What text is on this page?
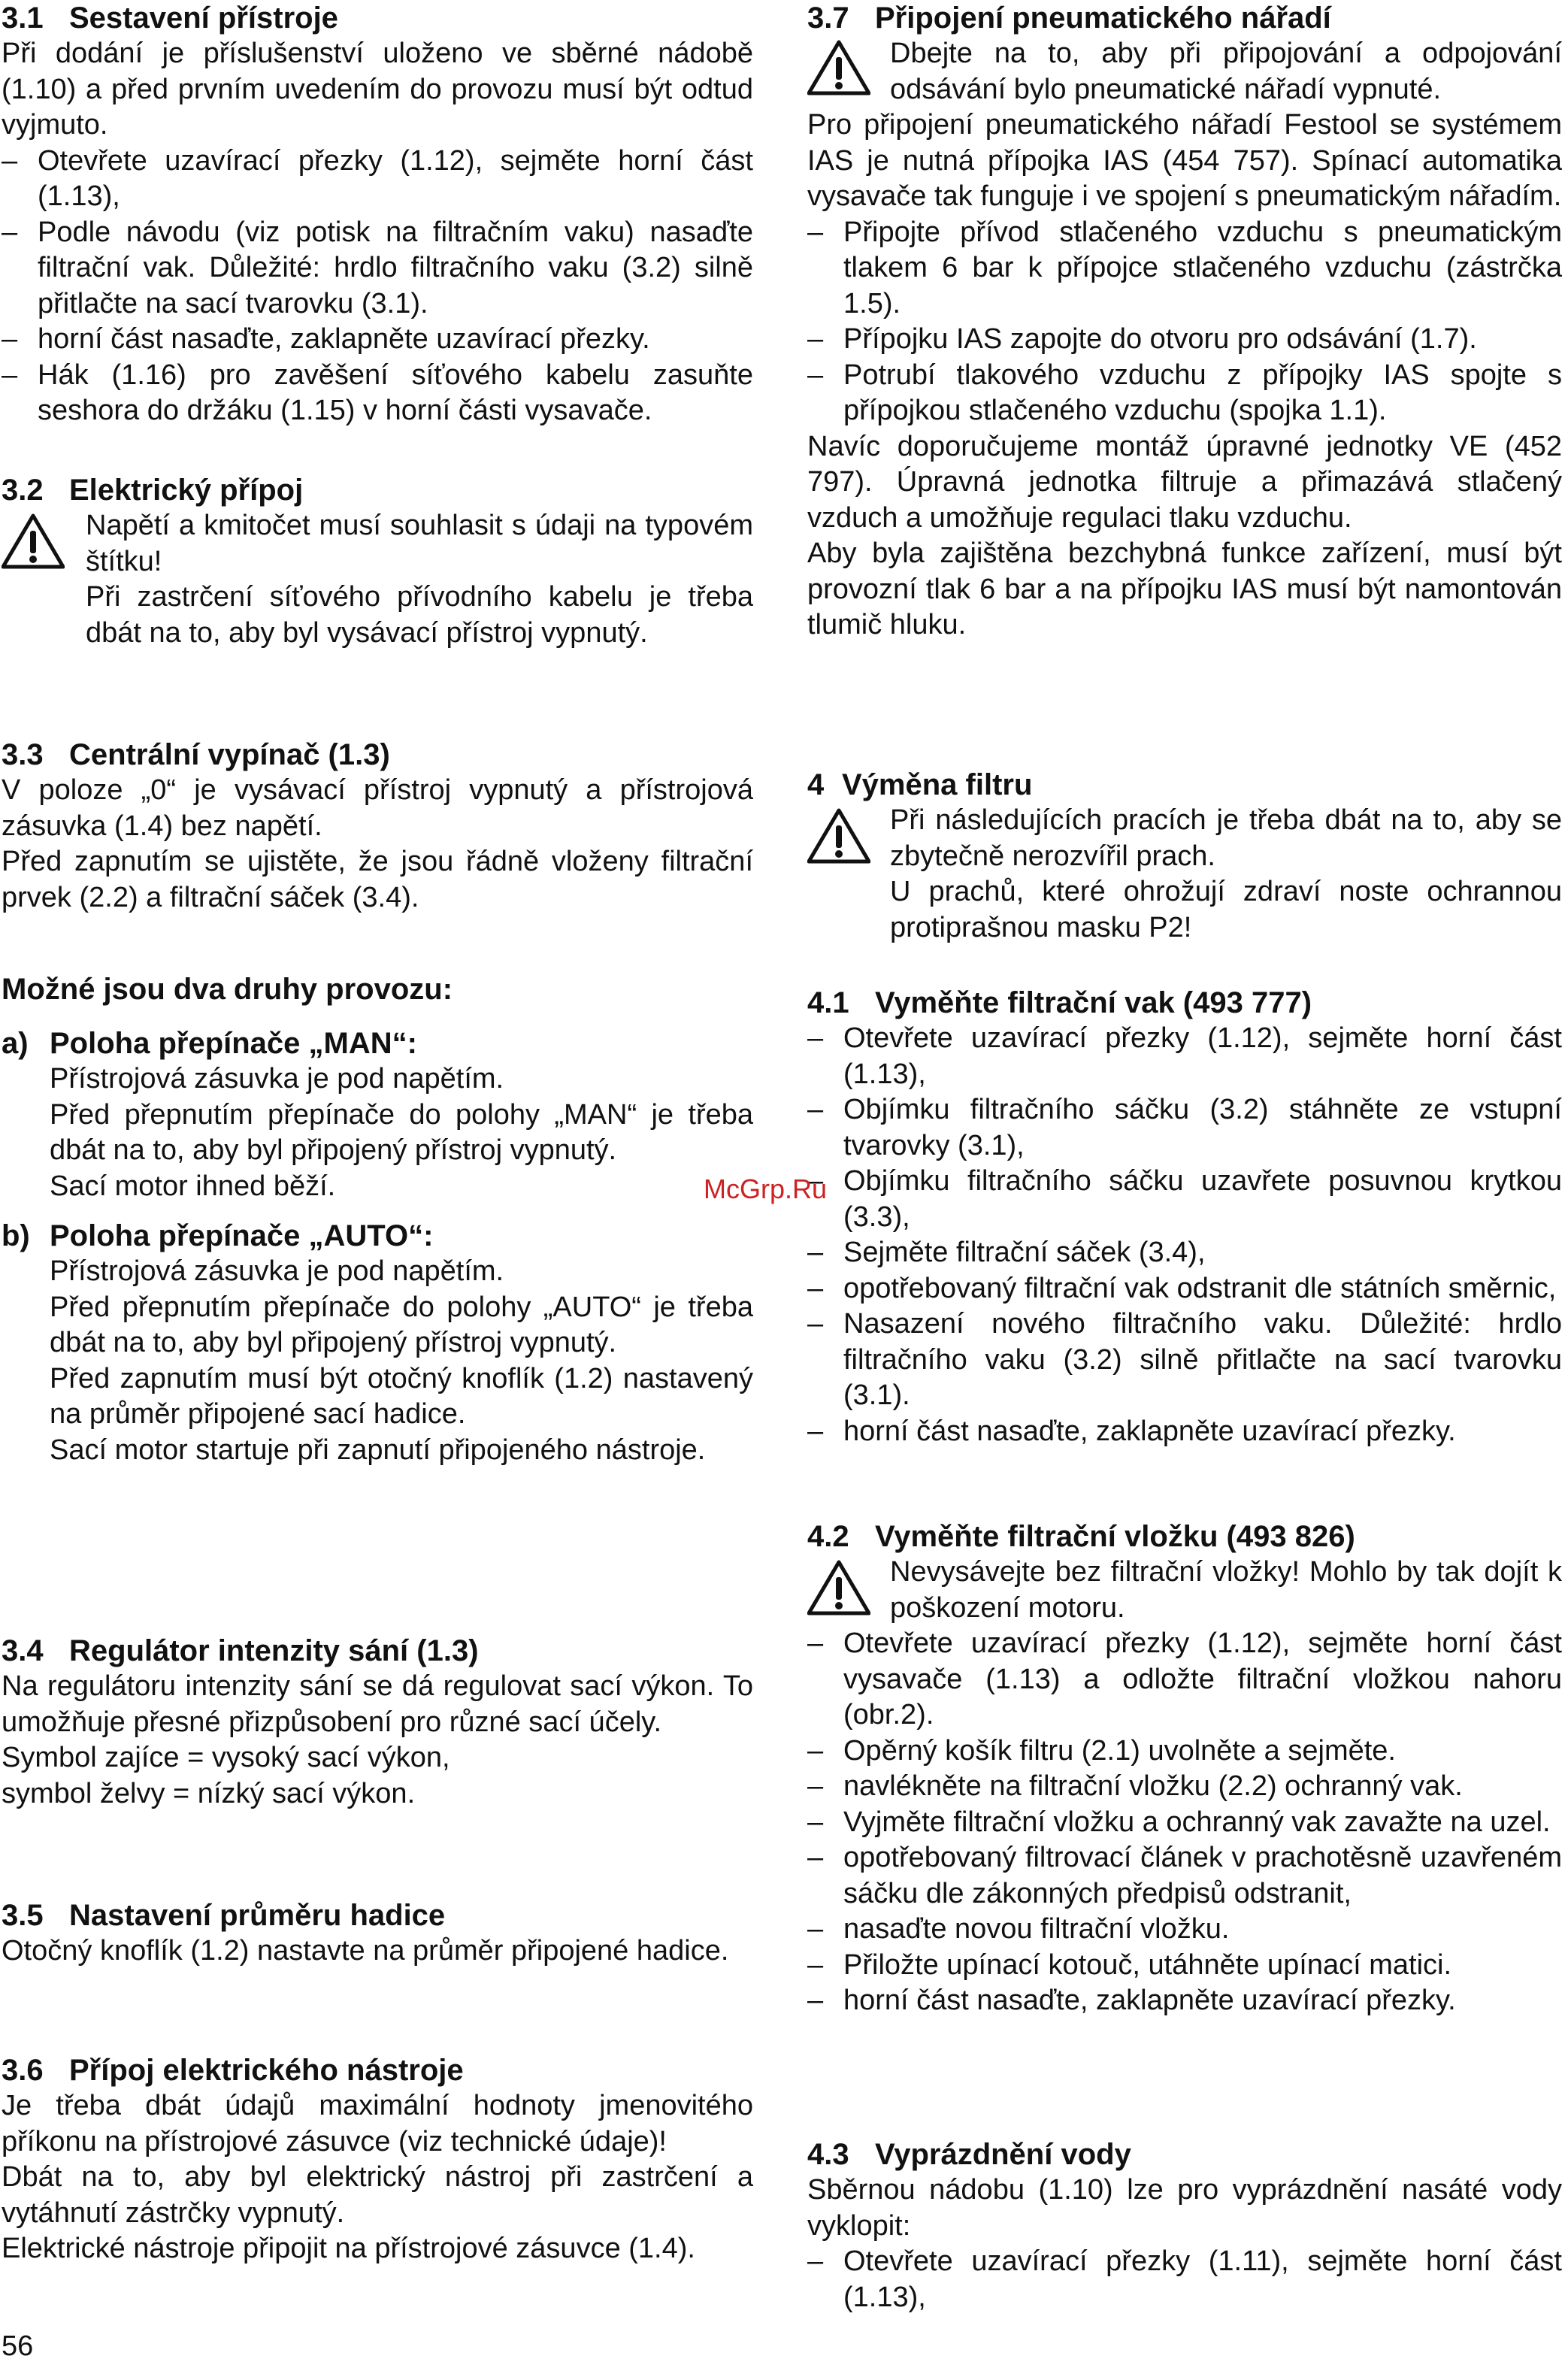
3.1 Sestavení přístroje

Při dodání je příslušenství uloženo ve sběrné nádobě (1.10) a před prvním uvedením do provozu musí být odtud vyjmuto.

– Otevřete uzavírací přezky (1.12), sejměte horní část (1.13),
– Podle návodu (viz potisk na filtračním vaku) nasaďte filtrační vak. Důležité: hrdlo filtračního vaku (3.2) silně přitlačte na sací tvarovku (3.1).
– horní část nasaďte, zaklapněte uzavírací přezky.
– Hák (1.16) pro zavěšení síťového kabelu zasuňte seshora do držáku (1.15) v horní části vysavače.
3.2 Elektrický přípoj

Napětí a kmitočet musí souhlasit s údaji na typovém štítku!

Při zastrčení síťového přívodního kabelu je třeba dbát na to, aby byl vysávací přístroj vypnutý.

3.3 Centrální vypínač (1.3)

V poloze „0“ je vysávací přístroj vypnutý a přístrojová zásuvka (1.4) bez napětí.

Před zapnutím se ujistěte, že jsou řádně vloženy filtrační prvek (2.2) a filtrační sáček (3.4).

Možné jsou dva druhy provozu:

a) Poloha přepínače „MAN“:

Přístrojová zásuvka je pod napětím.

Před přepnutím přepínače do polohy „MAN“ je třeba dbát na to, aby byl připojený přístroj vypnutý.

Sací motor ihned běží.

b) Poloha přepínače „AUTO“:

Přístrojová zásuvka je pod napětím.

Před přepnutím přepínače do polohy „AUTO“ je třeba dbát na to, aby byl připojený přístroj vypnutý.

Před zapnutím musí být otočný knoflík (1.2) nastavený na průměr připojené sací hadice.

Sací motor startuje při zapnutí připojeného nástroje.

3.4 Regulátor intenzity sání (1.3)

Na regulátoru intenzity sání se dá regulovat sací výkon. To umožňuje přesné přizpůsobení pro různé sací účely.

Symbol zajíce = vysoký sací výkon,

symbol želvy = nízký sací výkon.

3.5 Nastavení průměru hadice

Otočný knoflík (1.2) nastavte na průměr připojené hadice.

3.6 Přípoj elektrického nástroje

Je třeba dbát údajů maximální hodnoty jmenovitého příkonu na přístrojové zásuvce (viz technické údaje)!

Dbát na to, aby byl elektrický nástroj při zastrčení a vytáhnutí zástrčky vypnutý.

Elektrické nástroje připojit na přístrojové zásuvce (1.4).

3.7 Připojení pneumatického nářadí

Dbejte na to, aby při připojování a odpojování odsávání bylo pneumatické nářadí vypnuté.

Pro připojení pneumatického nářadí Festool se systémem IAS je nutná přípojka IAS (454 757). Spínací automatika vysavače tak funguje i ve spojení s pneumatickým nářadím.

– Připojte přívod stlačeného vzduchu s pneumatickým tlakem 6 bar k přípojce stlačeného vzduchu (zástrčka 1.5).
– Přípojku IAS zapojte do otvoru pro odsávání (1.7).
– Potrubí tlakového vzduchu z přípojky IAS spojte s přípojkou stlačeného vzduchu (spojka 1.1).

Navíc doporučujeme montáž úpravné jednotky VE (452 797). Úpravná jednotka filtruje a přimazává stlačený vzduch a umožňuje regulaci tlaku vzduchu.

Aby byla zajištěna bezchybná funkce zařízení, musí být provozní tlak 6 bar a na přípojku IAS musí být namontován tlumič hluku.

4 Výměna filtru

Při následujících pracích je třeba dbát na to, aby se zbytečně nerozvířil prach.

U prachů, které ohrožují zdraví noste ochrannou protiprašnou masku P2!

4.1 Vyměňte filtrační vak (493 777)
– Otevřete uzavírací přezky (1.12), sejměte horní část (1.13),
– Objímku filtračního sáčku (3.2) stáhněte ze vstupní tvarovky (3.1),
– Objímku filtračního sáčku uzavřete posuvnou krytkou (3.3),
– Sejměte filtrační sáček (3.4),
– opotřebovaný filtrační vak odstranit dle státních směrnic,
– Nasazení nového filtračního vaku. Důležité: hrdlo filtračního vaku (3.2) silně přitlačte na sací tvarovku (3.1).
– horní část nasaďte, zaklapněte uzavírací přezky.
4.2 Vyměňte filtrační vložku (493 826)

Nevysávejte bez filtrační vložky! Mohlo by tak dojít k poškození motoru.

– Otevřete uzavírací přezky (1.12), sejměte horní část vysavače (1.13) a odložte filtrační vložkou nahoru (obr.2).
– Opěrný košík filtru (2.1) uvolněte a sejměte.
– navlékněte na filtrační vložku (2.2) ochranný vak.
– Vyjměte filtrační vložku a ochranný vak zavažte na uzel.
– opotřebovaný filtrovací článek v prachotěsně uzavřeném sáčku dle zákonných předpisů odstranit,
– nasaďte novou filtrační vložku.
– Přiložte upínací kotouč, utáhněte upínací matici.
– horní část nasaďte, zaklapněte uzavírací přezky.
4.3 Vyprázdnění vody

Sběrnou nádobu (1.10) lze pro vyprázdnění nasáté vody vyklopit:

– Otevřete uzavírací přezky (1.11), sejměte horní část (1.13),
McGrp.Ru
56
